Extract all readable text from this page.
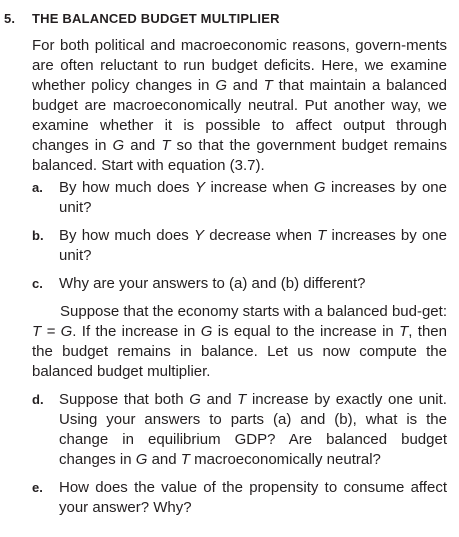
5. THE BALANCED BUDGET MULTIPLIER

For both political and macroeconomic reasons, govern-ments are often reluctant to run budget deficits. Here, we examine whether policy changes in G and T that maintain a balanced budget are macroeconomically neutral. Put another way, we examine whether it is possible to affect output through changes in G and T so that the government budget remains balanced. Start with equation (3.7).

a. By how much does Y increase when G increases by one unit?
b. By how much does Y decrease when T increases by one unit?
c. Why are your answers to (a) and (b) different?

Suppose that the economy starts with a balanced bud-get: T = G. If the increase in G is equal to the increase in T, then the budget remains in balance. Let us now compute the balanced budget multiplier.

d. Suppose that both G and T increase by exactly one unit. Using your answers to parts (a) and (b), what is the change in equilibrium GDP? Are balanced budget changes in G and T macroeconomically neutral?
e. How does the value of the propensity to consume affect your answer? Why?
